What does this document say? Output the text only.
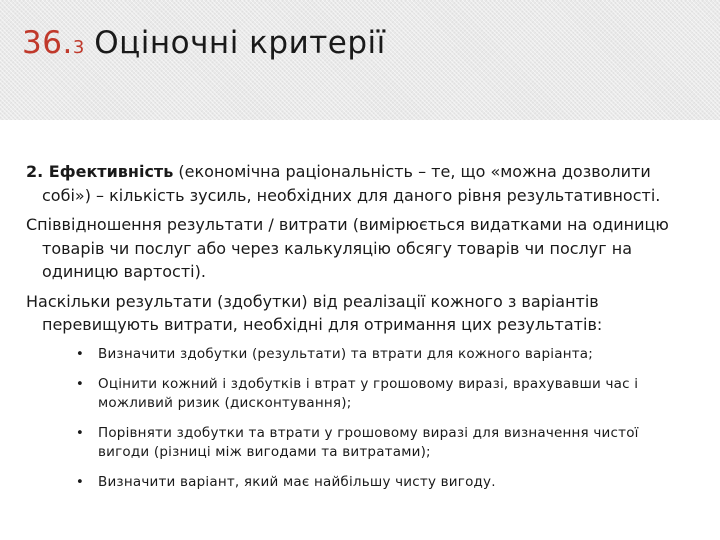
36.3 Оціночні критерії

2. Ефективність (економічна раціональність – те, що «можна дозволити собі») – кількість зусиль, необхідних для даного рівня результативності.

Співвідношення результати / витрати (вимірюється видатками на одиницю товарів чи послуг або через калькуляцію обсягу товарів чи послуг на одиницю вартості).

Наскільки результати (здобутки) від реалізації кожного з варіантів перевищують витрати, необхідні для отримання цих результатів:

• Визначити здобутки (результати) та втрати для кожного варіанта;
• Оцінити кожний і здобутків і втрат у грошовому виразі, врахувавши час і можливий ризик (дисконтування);
• Порівняти здобутки та втрати у грошовому виразі для визначення чистої вигоди (різниці між вигодами та витратами);
• Визначити варіант, який має найбільшу чисту вигоду.
